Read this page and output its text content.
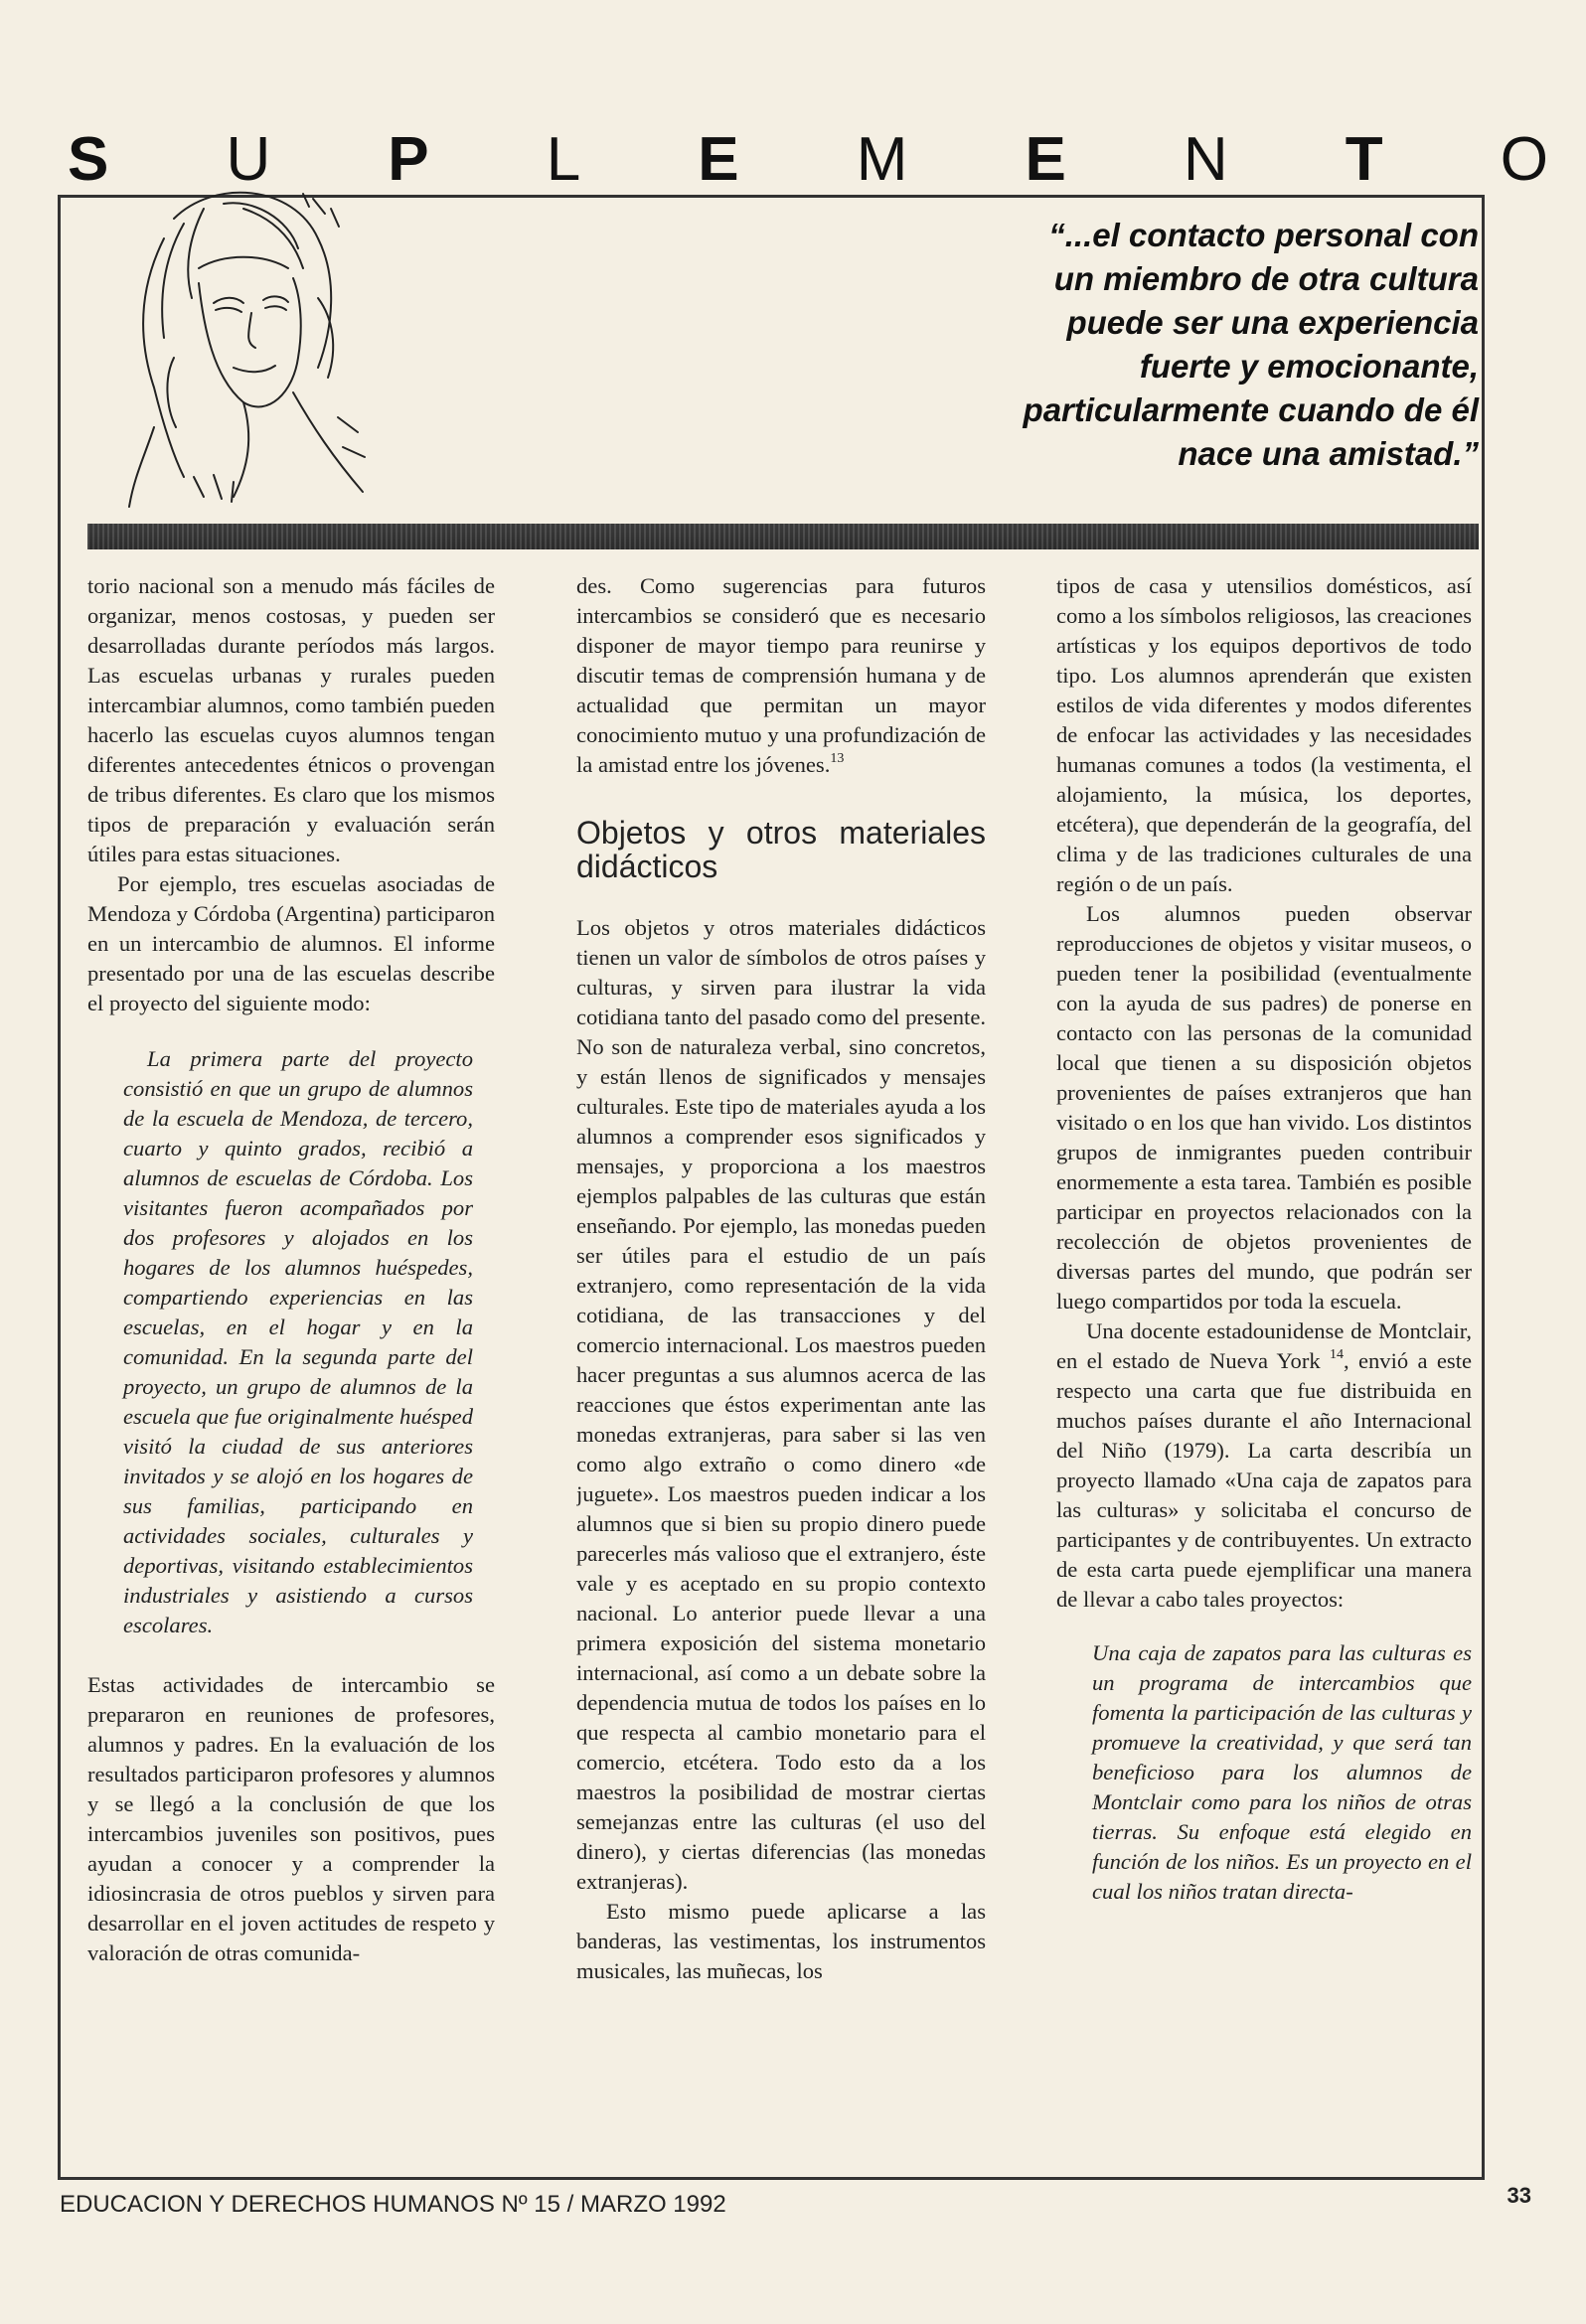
S U P L E M E N T O
“...el contacto personal con
un miembro de otra cultura
puede ser una experiencia
fuerte y emocionante,
particularmente cuando de él
nace una amistad.”

torio nacional son a menudo más fáciles de organizar, menos costosas, y pueden ser desarrolladas durante períodos más largos. Las escuelas urbanas y rurales pueden intercambiar alumnos, como también pueden hacerlo las escuelas cuyos alumnos tengan diferentes antecedentes étnicos o provengan de tribus diferentes. Es claro que los mismos tipos de preparación y evaluación serán útiles para estas situaciones.

Por ejemplo, tres escuelas asociadas de Mendoza y Córdoba (Argentina) participaron en un intercambio de alumnos. El informe presentado por una de las escuelas describe el proyecto del siguiente modo:

La primera parte del proyecto consistió en que un grupo de alumnos de la escuela de Mendoza, de tercero, cuarto y quinto grados, recibió a alumnos de escuelas de Córdoba. Los visitantes fueron acompañados por dos profesores y alojados en los hogares de los alumnos huéspedes, compartiendo experiencias en las escuelas, en el hogar y en la comunidad. En la segunda parte del proyecto, un grupo de alumnos de la escuela que fue originalmente huésped visitó la ciudad de sus anteriores invitados y se alojó en los hogares de sus familias, participando en actividades sociales, culturales y deportivas, visitando establecimientos industriales y asistiendo a cursos escolares.

Estas actividades de intercambio se prepararon en reuniones de profesores, alumnos y padres. En la evaluación de los resultados participaron profesores y alumnos y se llegó a la conclusión de que los intercambios juveniles son positivos, pues ayudan a conocer y a comprender la idiosincrasia de otros pueblos y sirven para desarrollar en el joven actitudes de respeto y valoración de otras comunida-

des. Como sugerencias para futuros intercambios se consideró que es necesario disponer de mayor tiempo para reunirse y discutir temas de comprensión humana y de actualidad que permitan un mayor conocimiento mutuo y una profundización de la amistad entre los jóvenes.$^{13}$

Objetos y otros materiales didácticos

Los objetos y otros materiales didácticos tienen un valor de símbolos de otros países y culturas, y sirven para ilustrar la vida cotidiana tanto del pasado como del presente. No son de naturaleza verbal, sino concretos, y están llenos de significados y mensajes culturales. Este tipo de materiales ayuda a los alumnos a comprender esos significados y mensajes, y proporciona a los maestros ejemplos palpables de las culturas que están enseñando. Por ejemplo, las monedas pueden ser útiles para el estudio de un país extranjero, como representación de la vida cotidiana, de las transacciones y del comercio internacional. Los maestros pueden hacer preguntas a sus alumnos acerca de las reacciones que éstos experimentan ante las monedas extranjeras, para saber si las ven como algo extraño o como dinero «de juguete». Los maestros pueden indicar a los alumnos que si bien su propio dinero puede parecerles más valioso que el extranjero, éste vale y es aceptado en su propio contexto nacional. Lo anterior puede llevar a una primera exposición del sistema monetario internacional, así como a un debate sobre la dependencia mutua de todos los países en lo que respecta al cambio monetario para el comercio, etcétera. Todo esto da a los maestros la posibilidad de mostrar ciertas semejanzas entre las culturas (el uso del dinero), y ciertas diferencias (las monedas extranjeras).

Esto mismo puede aplicarse a las banderas, las vestimentas, los instrumentos musicales, las muñecas, los

tipos de casa y utensilios domésticos, así como a los símbolos religiosos, las creaciones artísticas y los equipos deportivos de todo tipo. Los alumnos aprenderán que existen estilos de vida diferentes y modos diferentes de enfocar las actividades y las necesidades humanas comunes a todos (la vestimenta, el alojamiento, la música, los deportes, etcétera), que dependerán de la geografía, del clima y de las tradiciones culturales de una región o de un país.

Los alumnos pueden observar reproducciones de objetos y visitar museos, o pueden tener la posibilidad (eventualmente con la ayuda de sus padres) de ponerse en contacto con las personas de la comunidad local que tienen a su disposición objetos provenientes de países extranjeros que han visitado o en los que han vivido. Los distintos grupos de inmigrantes pueden contribuir enormemente a esta tarea. También es posible participar en proyectos relacionados con la recolección de objetos provenientes de diversas partes del mundo, que podrán ser luego compartidos por toda la escuela.

Una docente estadounidense de Montclair, en el estado de Nueva York $^{14}$, envió a este respecto una carta que fue distribuida en muchos países durante el año Internacional del Niño (1979). La carta describía un proyecto llamado «Una caja de zapatos para las culturas» y solicitaba el concurso de participantes y de contribuyentes. Un extracto de esta carta puede ejemplificar una manera de llevar a cabo tales proyectos:

Una caja de zapatos para las culturas es un programa de intercambios que fomenta la participación de las culturas y promueve la creatividad, y que será tan beneficioso para los alumnos de Montclair como para los niños de otras tierras. Su enfoque está elegido en función de los niños. Es un proyecto en el cual los niños tratan directa-

EDUCACION Y DERECHOS HUMANOS Nº 15 / MARZO 1992	33
